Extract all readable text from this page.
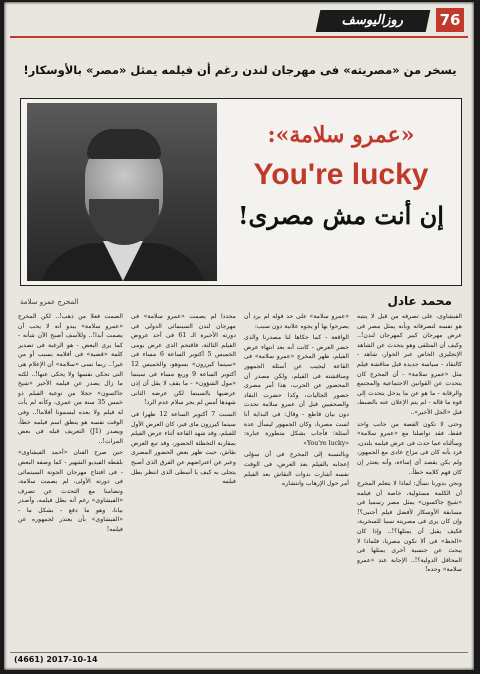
76
روزاليوسف
يسخر من «مصريته» فى مهرجان لندن رغم أن فيلمه يمثل «مصر» بالأوسكار!
«عمرو سلامة»:
You're lucky
إن أنت مش مصرى!
المخرج عمرو سلامة	محمد عادل

الصمت فعلا من ذهب!.. لكن المخرج «عمرو سلامة» يبدو أنه لا يحب أن يصمت أبدا!.. وللأسف أصبح الآن شأنه - كما يرى البعض - هو الرغبة فى تصدير كلمة «قضية» فى أفلامه بسبب أو من غير!.. ربما نسى «سلامة» أن الإعلام هى التى تحكى نفسها ولا يحكى عنها!.. لكنه ما زال يصدر عن فيلمه الأخير «شيخ جاكسون» حجلا من نوعية الفيلم ذو خمس 35 سنة من عمرى، وكأنه لم يأت له فيلم ولا بعده ليسمونا أفلاما!.. وفى الوقت نفسه هو ينطق اسم فيلمه خطأ، ويصدر (J1) التعريف قبله فى بعض المرات!..

حين صرح الفنان «أحمد الفيشاوى» بلقطه الفيديو الشهير - كما وصفه البعض - فى افتتاح مهرجان الجونة السينمائى فى دورته الأولى، لم يصمت سلامة، وتضامنا مع التحدث عن تصرف «الفيشاوى» رغم أنه بطل فيلمه، وأصدر بيانا، وهو ما دفع - بشكل ما - «الفيشاوى» بأن يعتذر لجمهوره عن فيلمه!

مجددا لم يصمت «عمرو سلامة» فى مهرجان لندن السينمائى الدولى فى دورته الأخيرة الـ 61 فى أحد عروض الفيلم الثالثة، فاقتحم الذى عرض يومى الخميس 5 أكتوبر الساعة 6 مساء فى «سينما كيرزون» بسوهو، والخميس 12 أكتوبر الساعة 9 وربع مساء فى سينما «مول الشؤون» - ما يقف لا يقل أن إذن عرضيها بالسينما لكن عرضه الثانى شهدها أمس لم يجر سلام عدم الرد!

السبت 7 أكتوبر الساعة 12 ظهرا فى سينما كيرزون ماى فير، كان العرض الأول للفيلم، وقد شهد القاعة أثناء عرض الفيلم بمقارنة التخطئة الحضور، وقد تبع العرض نقاش، حيث ظهر بعض الحضور المصرى وعبر عن اعتراضهم عن الفرق الذى أصبح يتجلى به كيف يا أسطى الذى انتظر بطل فيلمه

«عمرو سلامة» على حد قوله لم يرد أن يصرحوا بها أو يجوه علانية دون سبب:

الواقعة - كما حكاها لنا مصدرنا والذى حضر العرض - كانت أنه بعد انتهاء عرض الفيلم، ظهر المخرج «عمرو سلامة» فى القاعة ليجيب عن أسئلة الجمهور ومناقشته فى الفيلم، ولكن مصدر أن المحضور عن الحرب، هذا أمر مصرى حضور الجاليات، وكذا حضرت النقاد والصحفيين قبل أن عمرو سلامة تحدث دون بيان قاطع - وقال: فى البداية أنا لست مصريا، وكان الجمهور ليسأل عدة أسئلة؛ فأجاب بشكل متطورة عبارة: «You're lucky»

وبالنسبة إلى المخرج فى أن سؤلى إعجابه بالفيلم بعد العرض، فى الوقت نفسه أشارت ندوات النقاش بعد الفيلم أمر حول الإرهاب وانتشاره

الفيشاوى، على تصرفه من قبل لا ينتبه هو نفسه لتصرفاته وبأنه يمثل مصر فى عرض مهرجان كبير كمهرجان لندن!.. وكيف أن المتلقى وهو يتحدث عن الشاهد الإنجليزى الخاص عبر الحوار، شاهد - كالنقاد - سياسة جديدة قبل مناقشة فيلم مثل «عمرو سلامة» - أن المخرج كان يتحدث عن القوانين الاجتماعية والمجتمع والرقابة - ما هو عن ما يدخل يتحدث إلى قوة ما قاله - لم يتم الإعلان عنه بالضبط، قبل «الحل الأخير»..

وحتى لا تكون القصة من جانب واحد فقط، فقد تواصلنا مع «عمرو سلامة» وسألناه عما حدث فى عرض فيلمه بلندن، فرد بأنه كان فى مزاح عادى مع الجمهور، ولم يكن يقصد أى إساءة، وأنه يعتذر إن كان فهم كلامه خطأ..

ونحن بدورنا نسأل: لماذا لا يتعلم المخرج أن الكلمة مسئولية، خاصة أن فيلمه «شيخ جاكسون» يمثل مصر رسميا فى مسابقة الأوسكار لأفضل فيلم أجنبى؟! وإن كان يرى فى مصريته سببا للسخرية، فكيف يقبل أن يمثلها؟!.. وإذا كان «الحظ» فى ألا تكون مصريا، فلماذا لا يبحث عن جنسية أخرى يمثلها فى المحافل الدولية؟!.. الإجابة عند «عمرو سلامة» وحده!

(4661) 2017-10-14
